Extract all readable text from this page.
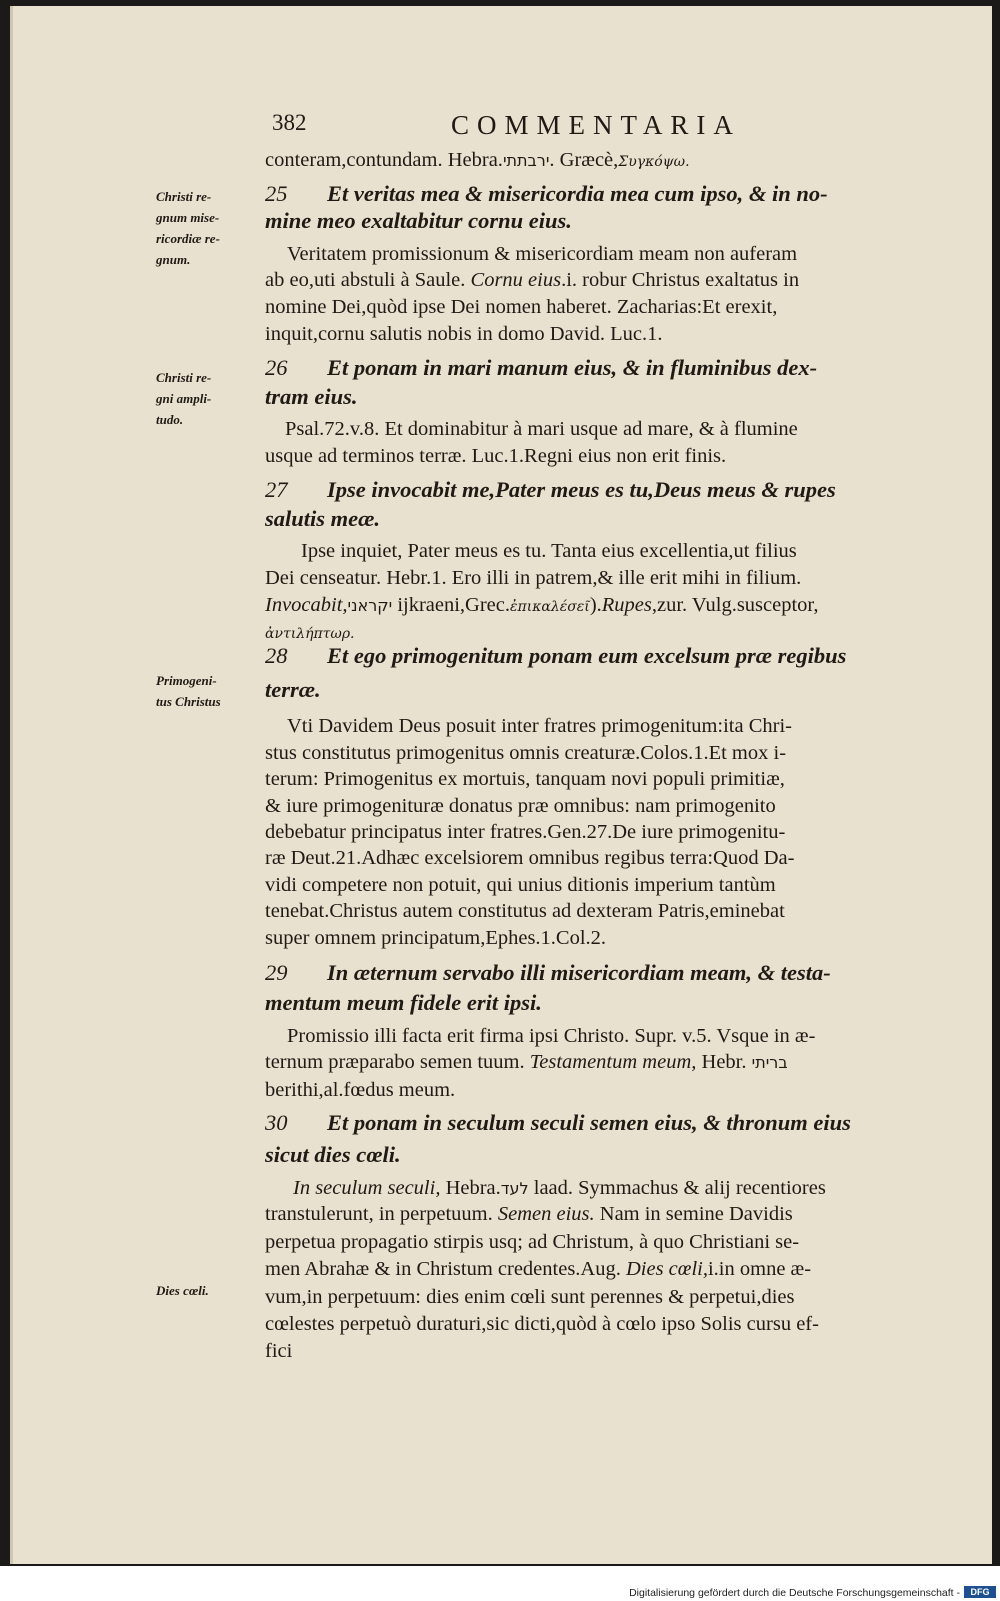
382	COMMENTARIA
conteram,contundam. Hebra.ירבתתי. Græcè,Συγκόψω.
25 Et veritas mea & misericordia mea cum ipso, & in no-
mine meo exaltabitur cornu eius.
Veritatem promissionum & misericordiam meam non auferam
ab eo,uti abstuli à Saule. Cornu eius.i. robur Christus exaltatus in
nomine Dei,quòd ipse Dei nomen haberet. Zacharias:Et erexit,
inquit,cornu salutis nobis in domo David. Luc.1.
26 Et ponam in mari manum eius, & in fluminibus dex-
tram eius.
Psal.72.v.8. Et dominabitur à mari usque ad mare, & à flumine
usque ad terminos terræ. Luc.1.Regni eius non erit finis.
27 Ipse invocabit me,Pater meus es tu,Deus meus & rupes
salutis meæ.
Ipse inquiet, Pater meus es tu. Tanta eius excellentia,ut filius
Dei censeatur. Hebr.1. Ero illi in patrem,& ille erit mihi in filium.
Invocabit,יקראני ijkraeni,Grec.ἐπικαλέσεῖ).Rupes,zur. Vulg.susceptor,
ἀντιλήπτωρ.
28 Et ego primogenitum ponam eum excelsum præ regibus
terræ.
Vti Davidem Deus posuit inter fratres primogenitum:ita Chri-
stus constitutus primogenitus omnis creaturæ.Colos.1.Et mox i-
terum: Primogenitus ex mortuis, tanquam novi populi primitiæ,
& iure primogenituræ donatus præ omnibus: nam primogenito
debebatur principatus inter fratres.Gen.27.De iure primogenitu-
ræ Deut.21.Adhæc excelsiorem omnibus regibus terra:Quod Da-
vidi competere non potuit, qui unius ditionis imperium tantùm
tenebat.Christus autem constitutus ad dexteram Patris,eminebat
super omnem principatum,Ephes.1.Col.2.
29 In æternum servabo illi misericordiam meam, & testa-
mentum meum fidele erit ipsi.
Promissio illi facta erit firma ipsi Christo. Supr. v.5. Vsque in æ-
ternum præparabo semen tuum. Testamentum meum, Hebr. בריתי
berithi,al.fœdus meum.
30 Et ponam in seculum seculi semen eius, & thronum eius
sicut dies cœli.
In seculum seculi, Hebra.לעד laad. Symmachus & alij recentiores
transtulerunt, in perpetuum. Semen eius. Nam in semine Davidis
perpetua propagatio stirpis usq; ad Christum, à quo Christiani se-
men Abrahæ & in Christum credentes.Aug. Dies cœli,i.in omne æ-
vum,in perpetuum: dies enim cœli sunt perennes & perpetui,dies
cœlestes perpetuò duraturi,sic dicti,quòd à cœlo ipso Solis cursu ef-
fici
Christi re-
gnum mise-
ricordiæ re-
gnum.
Christi re-
gni ampli-
tudo.
Primogeni-
tus Christus
Dies cœli.
Digitalisierung gefördert durch die Deutsche Forschungsgemeinschaft -	DFG
